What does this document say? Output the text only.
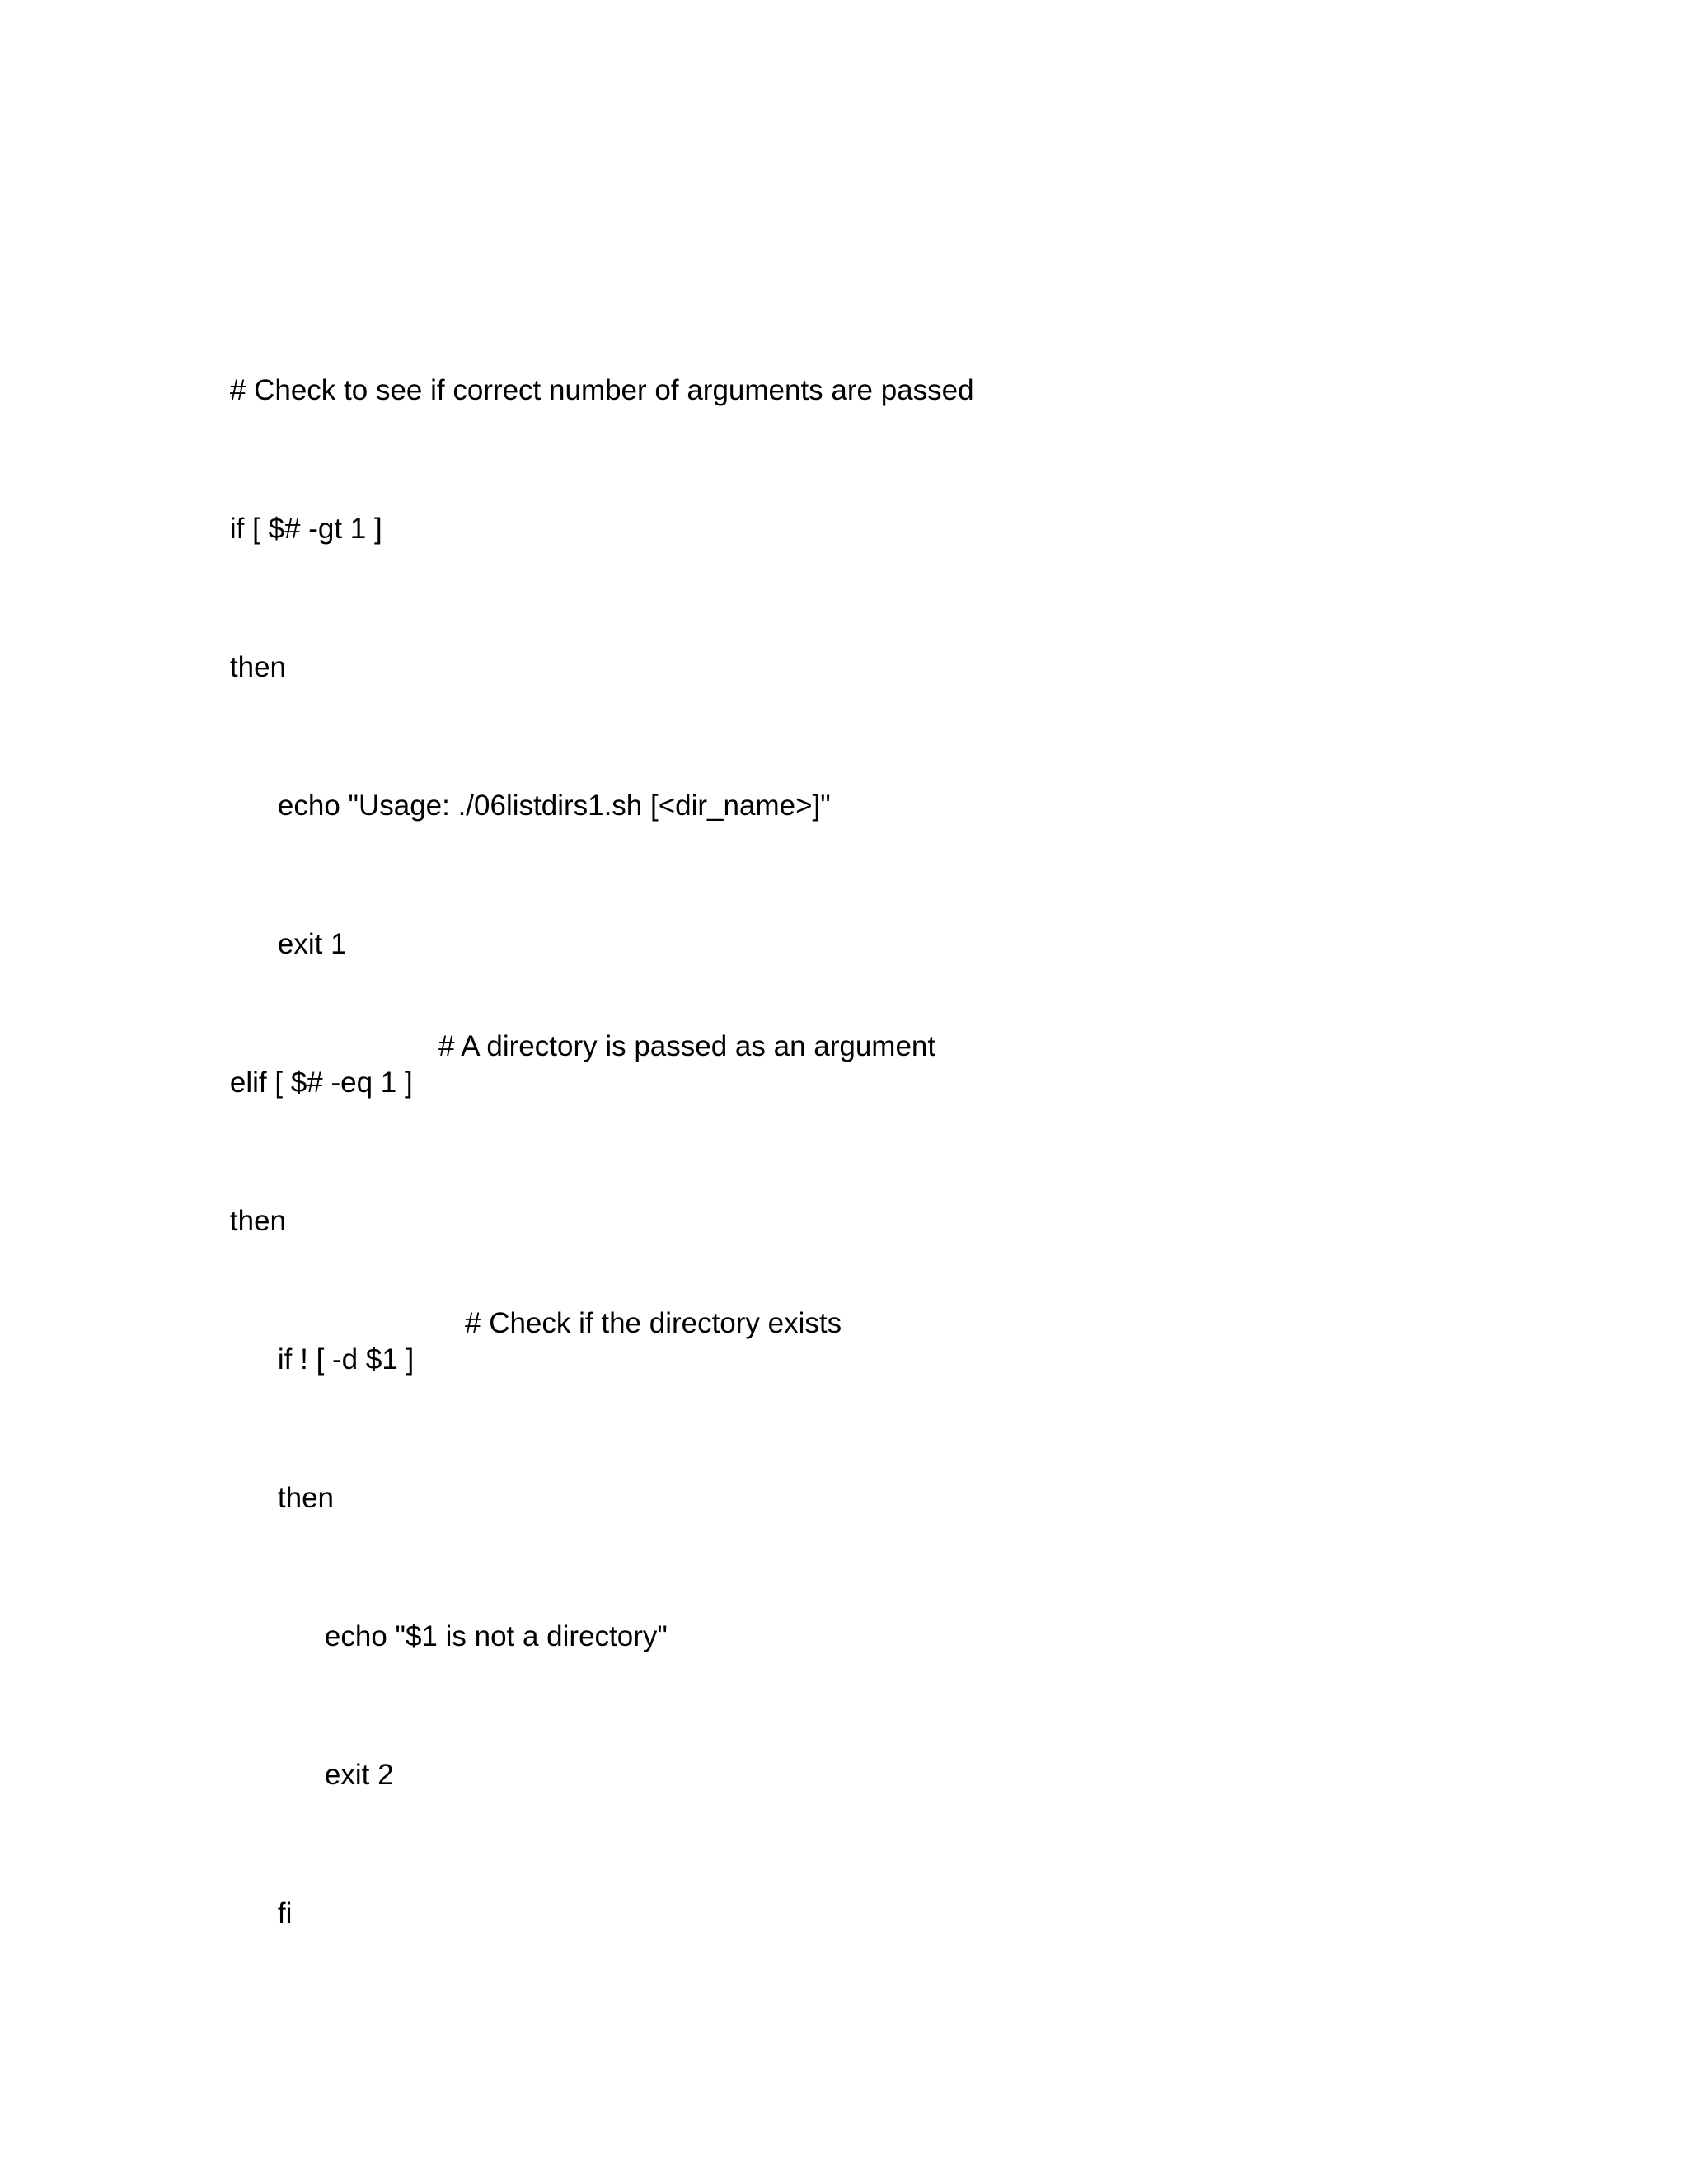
# Check to see if correct number of arguments are passed

if [ $# -gt 1 ]

then

echo "Usage: ./06listdirs1.sh [<dir_name>]"

exit 1

elif [ $# -eq 1 ]

# A directory is passed as an argument

then

if ! [ -d $1 ]

# Check if the directory exists

then

echo "$1 is not a directory"

exit 2

fi
